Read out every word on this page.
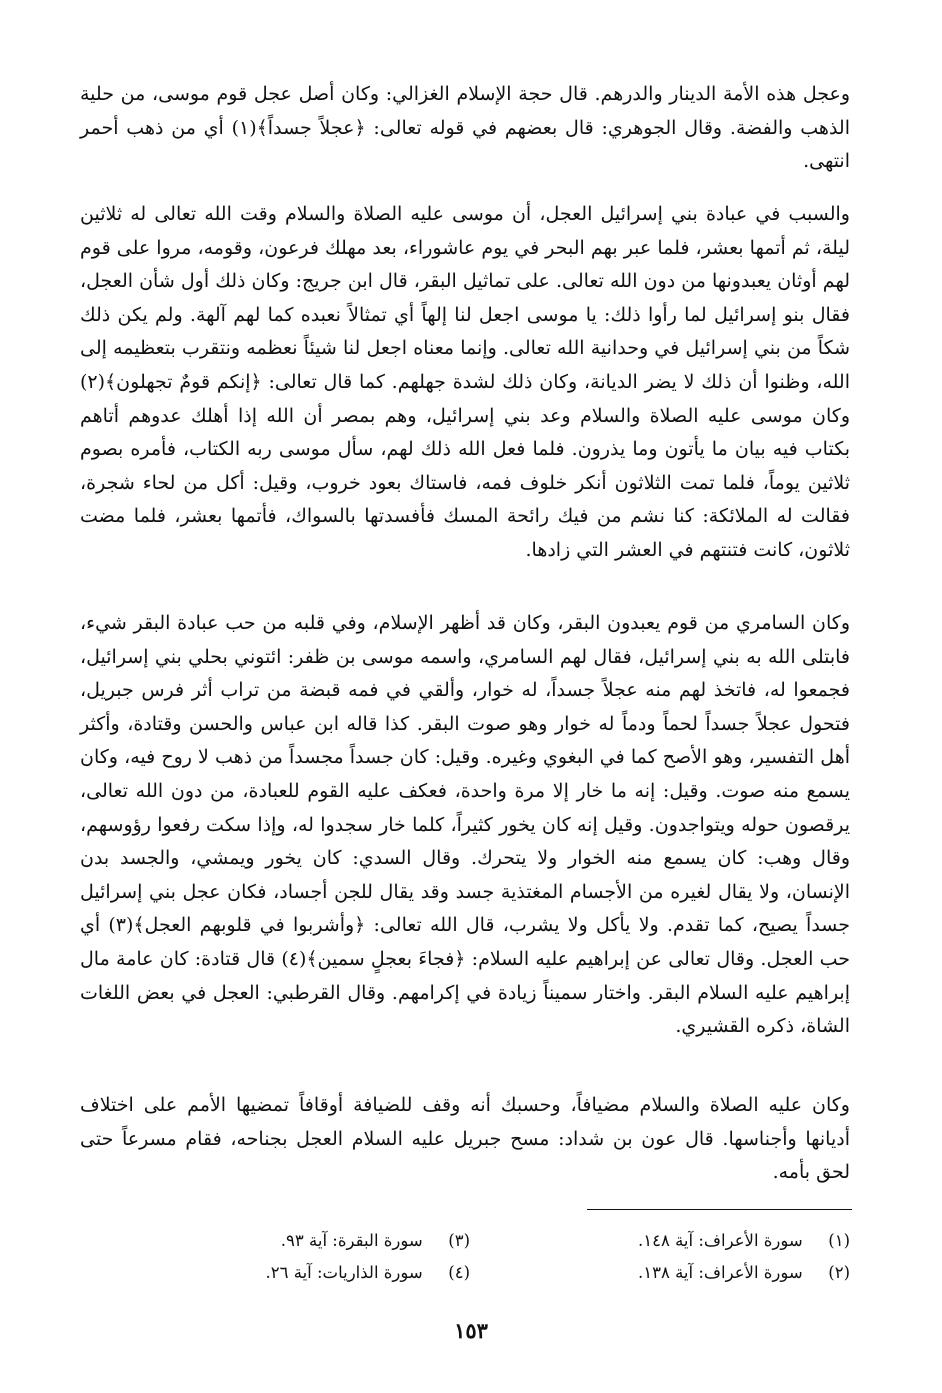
وعجل هذه الأمة الدينار والدرهم. قال حجة الإسلام الغزالي: وكان أصل عجل قوم موسى، من حلية الذهب والفضة. وقال الجوهري: قال بعضهم في قوله تعالى: ﴿عجلاً جسداً﴾(١) أي من ذهب أحمر انتهى.

والسبب في عبادة بني إسرائيل العجل، أن موسى عليه الصلاة والسلام وقت الله تعالى له ثلاثين ليلة، ثم أتمها بعشر، فلما عبر بهم البحر في يوم عاشوراء، بعد مهلك فرعون، وقومه، مروا على قوم لهم أوثان يعبدونها من دون الله تعالى. على تماثيل البقر، قال ابن جريج: وكان ذلك أول شأن العجل، فقال بنو إسرائيل لما رأوا ذلك: يا موسى اجعل لنا إلهاً أي تمثالاً نعبده كما لهم آلهة. ولم يكن ذلك شكاً من بني إسرائيل في وحدانية الله تعالى. وإنما معناه اجعل لنا شيئاً نعظمه ونتقرب بتعظيمه إلى الله، وظنوا أن ذلك لا يضر الديانة، وكان ذلك لشدة جهلهم. كما قال تعالى: ﴿إنكم قومٌ تجهلون﴾(٢) وكان موسى عليه الصلاة والسلام وعد بني إسرائيل، وهم بمصر أن الله إذا أهلك عدوهم أتاهم بكتاب فيه بيان ما يأتون وما يذرون. فلما فعل الله ذلك لهم، سأل موسى ربه الكتاب، فأمره بصوم ثلاثين يوماً، فلما تمت الثلاثون أنكر خلوف فمه، فاستاك بعود خروب، وقيل: أكل من لحاء شجرة، فقالت له الملائكة: كنا نشم من فيك رائحة المسك فأفسدتها بالسواك، فأتمها بعشر، فلما مضت ثلاثون، كانت فتنتهم في العشر التي زادها.

وكان السامري من قوم يعبدون البقر، وكان قد أظهر الإسلام، وفي قلبه من حب عبادة البقر شيء، فابتلى الله به بني إسرائيل، فقال لهم السامري، واسمه موسى بن ظفر: ائتوني بحلي بني إسرائيل، فجمعوا له، فاتخذ لهم منه عجلاً جسداً، له خوار، وألقي في فمه قبضة من تراب أثر فرس جبريل، فتحول عجلاً جسداً لحماً ودماً له خوار وهو صوت البقر. كذا قاله ابن عباس والحسن وقتادة، وأكثر أهل التفسير، وهو الأصح كما في البغوي وغيره. وقيل: كان جسداً مجسداً من ذهب لا روح فيه، وكان يسمع منه صوت. وقيل: إنه ما خار إلا مرة واحدة، فعكف عليه القوم للعبادة، من دون الله تعالى، يرقصون حوله ويتواجدون. وقيل إنه كان يخور كثيراً، كلما خار سجدوا له، وإذا سكت رفعوا رؤوسهم، وقال وهب: كان يسمع منه الخوار ولا يتحرك. وقال السدي: كان يخور ويمشي، والجسد بدن الإنسان، ولا يقال لغيره من الأجسام المغتذية جسد وقد يقال للجن أجساد، فكان عجل بني إسرائيل جسداً يصيح، كما تقدم. ولا يأكل ولا يشرب، قال الله تعالى: ﴿وأشربوا في قلوبهم العجل﴾(٣) أي حب العجل. وقال تعالى عن إبراهيم عليه السلام: ﴿فجاءَ بعجلٍ سمين﴾(٤) قال قتادة: كان عامة مال إبراهيم عليه السلام البقر. واختار سميناً زيادة في إكرامهم. وقال القرطبي: العجل في بعض اللغات الشاة، ذكره القشيري.

وكان عليه الصلاة والسلام مضيافاً، وحسبك أنه وقف للضيافة أوقافاً تمضيها الأمم على اختلاف أديانها وأجناسها. قال عون بن شداد: مسح جبريل عليه السلام العجل بجناحه، فقام مسرعاً حتى لحق بأمه.

(١) سورة الأعراف: آية ١٤٨.
(٢) سورة الأعراف: آية ١٣٨.
(٣) سورة البقرة: آية ٩٣.
(٤) سورة الذاريات: آية ٢٦.
١٥٣
